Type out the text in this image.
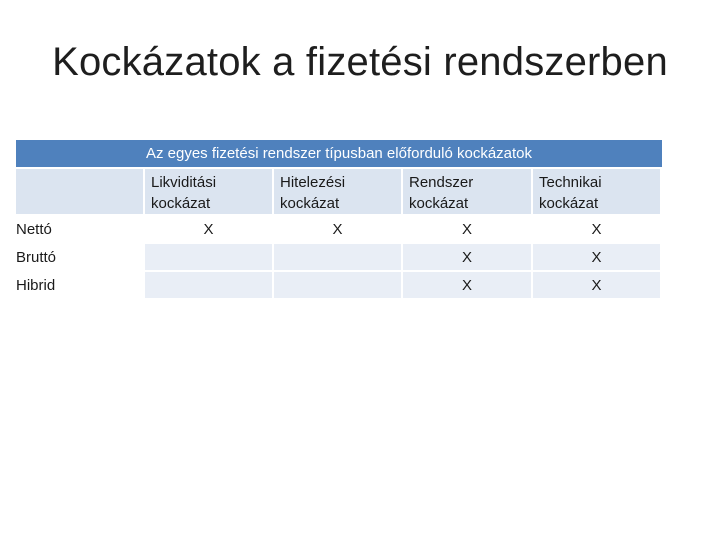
Kockázatok a fizetési rendszerben
Az egyes fizetési rendszer típusban előforduló kockázatok				
	Likviditási kockázat	Hitelezési kockázat	Rendszer kockázat	Technikai kockázat
Nettó	X	X	X	X
Bruttó			X	X
Hibrid			X	X
